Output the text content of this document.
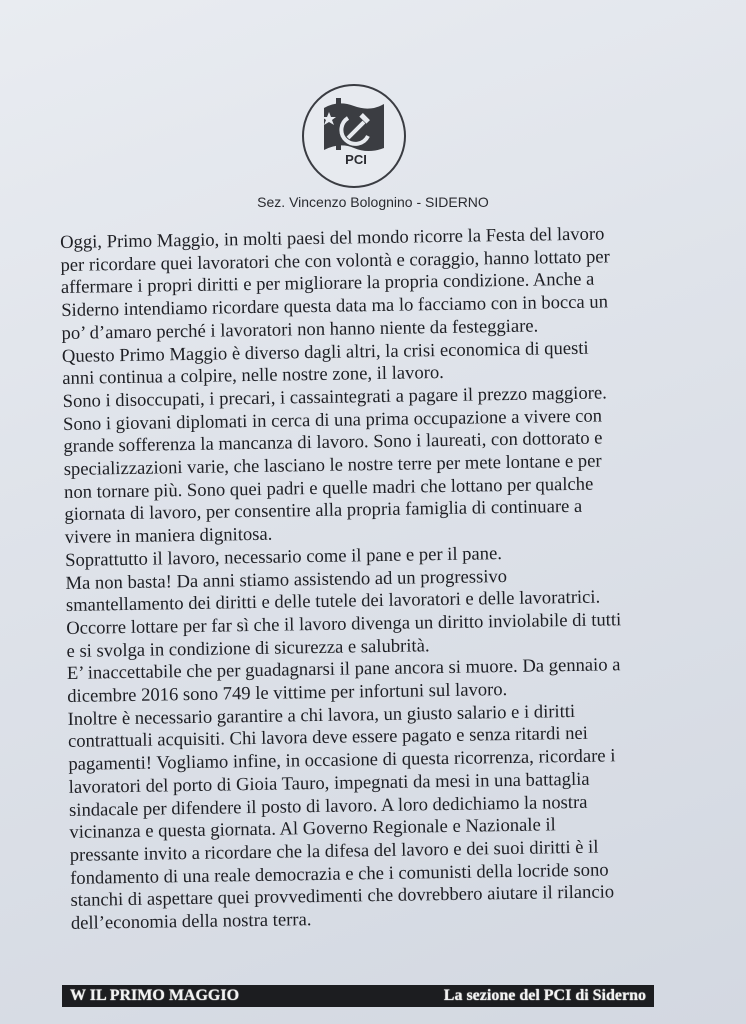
PCI
Sez. Vincenzo Bolognino - SIDERNO

Oggi, Primo Maggio, in molti paesi del mondo ricorre la Festa del lavoro

per ricordare quei lavoratori che con volontà e coraggio, hanno lottato per

affermare i propri diritti e per migliorare la propria condizione. Anche a

Siderno intendiamo ricordare questa data ma lo facciamo con in bocca un

po’ d’amaro perché i lavoratori non hanno niente da festeggiare.

Questo Primo Maggio è diverso dagli altri, la crisi economica di questi

anni continua a colpire, nelle nostre zone, il lavoro.

Sono i disoccupati, i precari, i cassaintegrati a pagare il prezzo maggiore.

Sono i giovani diplomati in cerca di una prima occupazione a vivere con

grande sofferenza la mancanza di lavoro. Sono i laureati, con dottorato e

specializzazioni varie, che lasciano le nostre terre per mete lontane e per

non tornare più. Sono quei padri e quelle madri che lottano per qualche

giornata di lavoro, per consentire alla propria famiglia di continuare a

vivere in maniera dignitosa.

Soprattutto il lavoro, necessario come il pane e per il pane.

Ma non basta! Da anni stiamo assistendo ad un progressivo

smantellamento dei diritti e delle tutele dei lavoratori e delle lavoratrici.

Occorre lottare per far sì che il lavoro divenga un diritto inviolabile di tutti

e si svolga in condizione di sicurezza e salubrità.

E’ inaccettabile che per guadagnarsi il pane ancora si muore. Da gennaio a

dicembre 2016 sono 749 le vittime per infortuni sul lavoro.

Inoltre è necessario garantire a chi lavora, un giusto salario e i diritti

contrattuali acquisiti. Chi lavora deve essere pagato e senza ritardi nei

pagamenti! Vogliamo infine, in occasione di questa ricorrenza, ricordare i

lavoratori del porto di Gioia Tauro, impegnati da mesi in una battaglia

sindacale per difendere il posto di lavoro. A loro dedichiamo la nostra

vicinanza e questa giornata. Al Governo Regionale e Nazionale il

pressante invito a ricordare che la difesa del lavoro e dei suoi diritti è il

fondamento di una reale democrazia e che i comunisti della locride sono

stanchi di aspettare quei provvedimenti che dovrebbero aiutare il rilancio

dell’economia della nostra terra.

W IL PRIMO MAGGIO	La sezione del PCI di Siderno
